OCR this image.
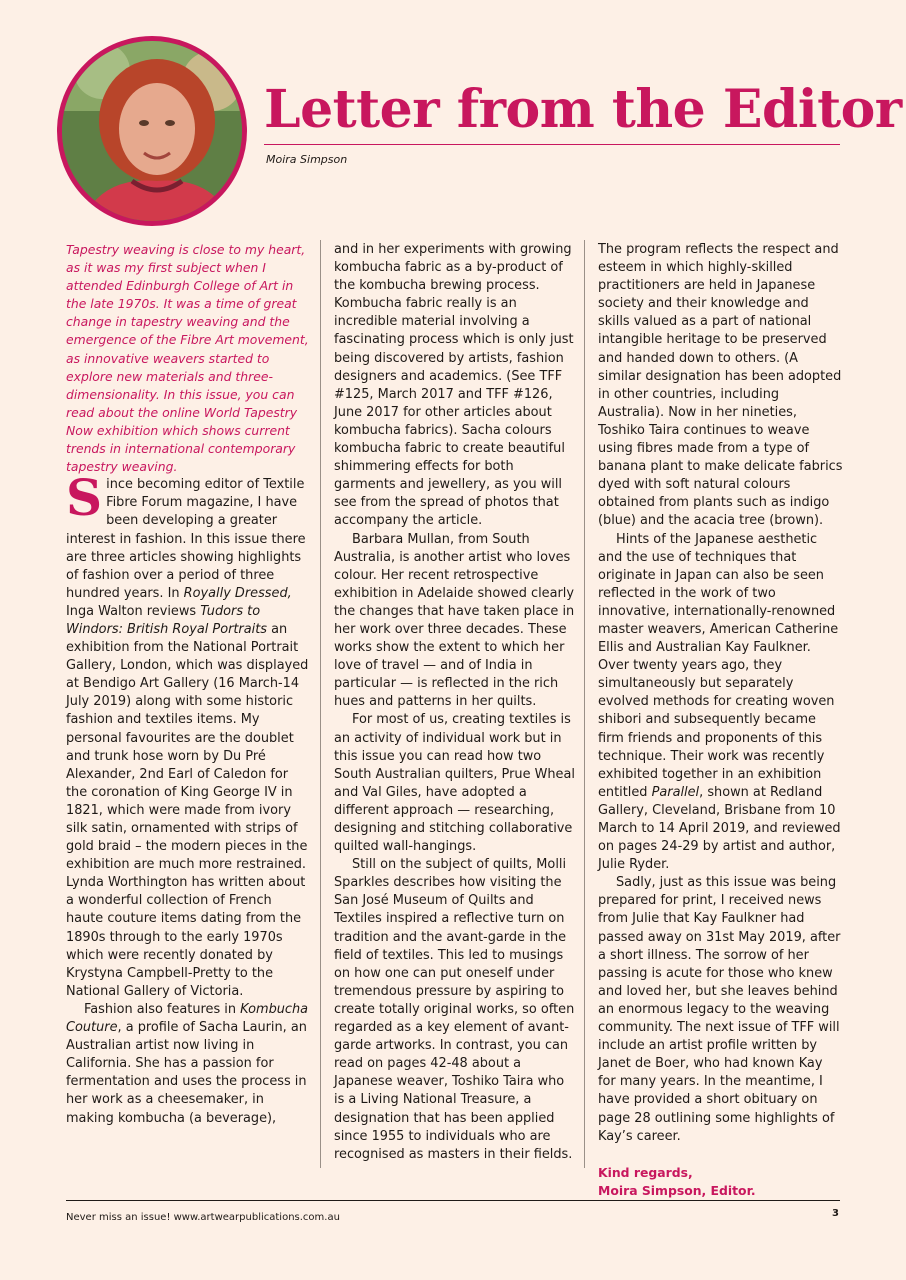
Letter from the Editor
Moira Simpson

Tapestry weaving is close to my heart, as it was my first subject when I attended Edinburgh College of Art in the late 1970s. It was a time of great change in tapestry weaving and the emergence of the Fibre Art movement, as innovative weavers started to explore new materials and three-dimensionality. In this issue, you can read about the online World Tapestry Now exhibition which shows current trends in international contemporary tapestry weaving.

Since becoming editor of Textile Fibre Forum magazine, I have been developing a greater interest in fashion. In this issue there are three articles showing highlights of fashion over a period of three hundred years. In Royally Dressed, Inga Walton reviews Tudors to Windors: British Royal Portraits an exhibition from the National Portrait Gallery, London, which was displayed at Bendigo Art Gallery (16 March-14 July 2019) along with some historic fashion and textiles items. My personal favourites are the doublet and trunk hose worn by Du Pré Alexander, 2nd Earl of Caledon for the coronation of King George IV in 1821, which were made from ivory silk satin, ornamented with strips of gold braid – the modern pieces in the exhibition are much more restrained. Lynda Worthington has written about a wonderful collection of French haute couture items dating from the 1890s through to the early 1970s which were recently donated by Krystyna Campbell-Pretty to the National Gallery of Victoria.

Fashion also features in Kombucha Couture, a profile of Sacha Laurin, an Australian artist now living in California. She has a passion for fermentation and uses the process in her work as a cheesemaker, in making kombucha (a beverage),

and in her experiments with growing kombucha fabric as a by-product of the kombucha brewing process. Kombucha fabric really is an incredible material involving a fascinating process which is only just being discovered by artists, fashion designers and academics. (See TFF #125, March 2017 and TFF #126, June 2017 for other articles about kombucha fabrics). Sacha colours kombucha fabric to create beautiful shimmering effects for both garments and jewellery, as you will see from the spread of photos that accompany the article.

Barbara Mullan, from South Australia, is another artist who loves colour. Her recent retrospective exhibition in Adelaide showed clearly the changes that have taken place in her work over three decades. These works show the extent to which her love of travel — and of India in particular — is reflected in the rich hues and patterns in her quilts.

For most of us, creating textiles is an activity of individual work but in this issue you can read how two South Australian quilters, Prue Wheal and Val Giles, have adopted a different approach — researching, designing and stitching collaborative quilted wall-hangings.

Still on the subject of quilts, Molli Sparkles describes how visiting the San José Museum of Quilts and Textiles inspired a reflective turn on tradition and the avant-garde in the field of textiles. This led to musings on how one can put oneself under tremendous pressure by aspiring to create totally original works, so often regarded as a key element of avant-garde artworks. In contrast, you can read on pages 42-48 about a Japanese weaver, Toshiko Taira who is a Living National Treasure, a designation that has been applied since 1955 to individuals who are recognised as masters in their fields.

The program reflects the respect and esteem in which highly-skilled practitioners are held in Japanese society and their knowledge and skills valued as a part of national intangible heritage to be preserved and handed down to others. (A similar designation has been adopted in other countries, including Australia). Now in her nineties, Toshiko Taira continues to weave using fibres made from a type of banana plant to make delicate fabrics dyed with soft natural colours obtained from plants such as indigo (blue) and the acacia tree (brown).

Hints of the Japanese aesthetic and the use of techniques that originate in Japan can also be seen reflected in the work of two innovative, internationally-renowned master weavers, American Catherine Ellis and Australian Kay Faulkner. Over twenty years ago, they simultaneously but separately evolved methods for creating woven shibori and subsequently became firm friends and proponents of this technique. Their work was recently exhibited together in an exhibition entitled Parallel, shown at Redland Gallery, Cleveland, Brisbane from 10 March to 14 April 2019, and reviewed on pages 24-29 by artist and author, Julie Ryder.

Sadly, just as this issue was being prepared for print, I received news from Julie that Kay Faulkner had passed away on 31st May 2019, after a short illness. The sorrow of her passing is acute for those who knew and loved her, but she leaves behind an enormous legacy to the weaving community. The next issue of TFF will include an artist profile written by Janet de Boer, who had known Kay for many years. In the meantime, I have provided a short obituary on page 28 outlining some highlights of Kay’s career.

Kind regards,
Moira Simpson, Editor.
Never miss an issue! www.artwearpublications.com.au	3
